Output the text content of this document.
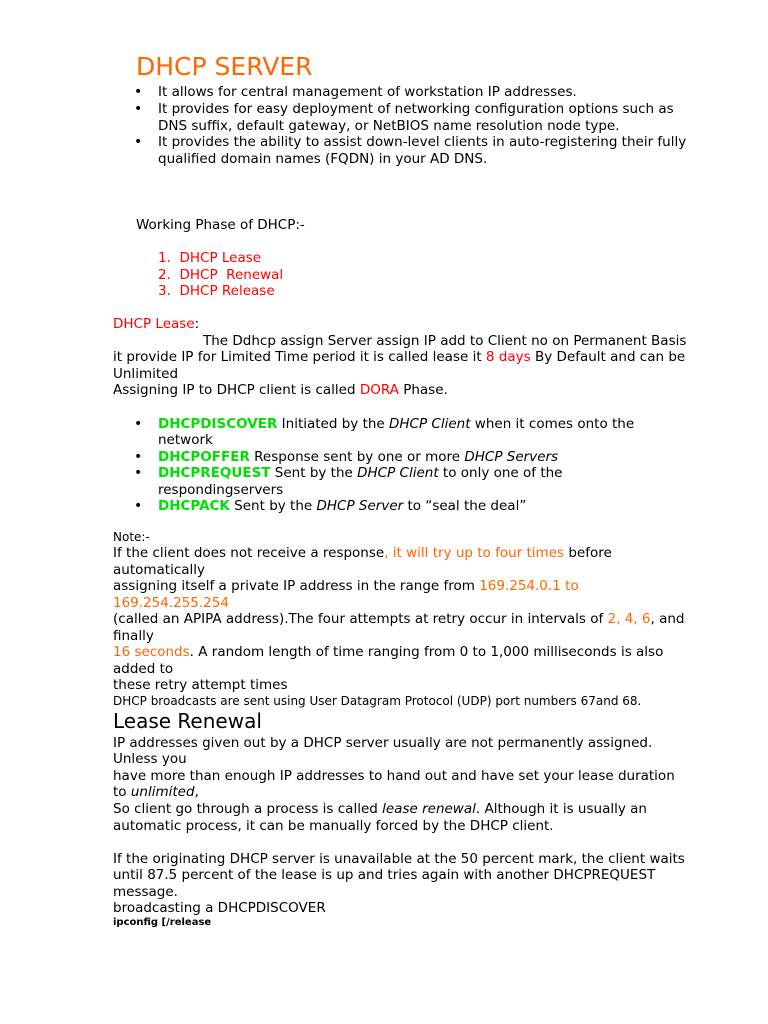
DHCP SERVER
• It allows for central management of workstation IP addresses.
• It provides for easy deployment of networking configuration options such as
DNS suffix, default gateway, or NetBIOS name resolution node type.
• It provides the ability to assist down-level clients in auto-registering their fully
qualified domain names (FQDN) in your AD DNS.
Working Phase of DHCP:-
1. DHCP Lease
2. DHCP  Renewal
3. DHCP Release
DHCP Lease:
The Ddhcp assign Server assign IP add to Client no on Permanent Basis
it provide IP for Limited Time period it is called lease it 8 days By Default and can be
Unlimited
Assigning IP to DHCP client is called DORA Phase.
• DHCPDISCOVER Initiated by the DHCP Client when it comes onto the
network
• DHCPOFFER Response sent by one or more DHCP Servers
• DHCPREQUEST Sent by the DHCP Client to only one of the
respondingservers
• DHCPACK Sent by the DHCP Server to “seal the deal”
Note:-
If the client does not receive a response, it will try up to four times before
automatically
assigning itself a private IP address in the range from 169.254.0.1 to
169.254.255.254
(called an APIPA address).The four attempts at retry occur in intervals of 2, 4, 6, and
finally
16 seconds. A random length of time ranging from 0 to 1,000 milliseconds is also
added to
these retry attempt times
DHCP broadcasts are sent using User Datagram Protocol (UDP) port numbers 67and 68.
Lease Renewal
IP addresses given out by a DHCP server usually are not permanently assigned.
Unless you
have more than enough IP addresses to hand out and have set your lease duration
to unlimited,
So client go through a process is called lease renewal. Although it is usually an
automatic process, it can be manually forced by the DHCP client.
If the originating DHCP server is unavailable at the 50 percent mark, the client waits
until 87.5 percent of the lease is up and tries again with another DHCPREQUEST
message.
broadcasting a DHCPDISCOVER
ipconfig [/release
